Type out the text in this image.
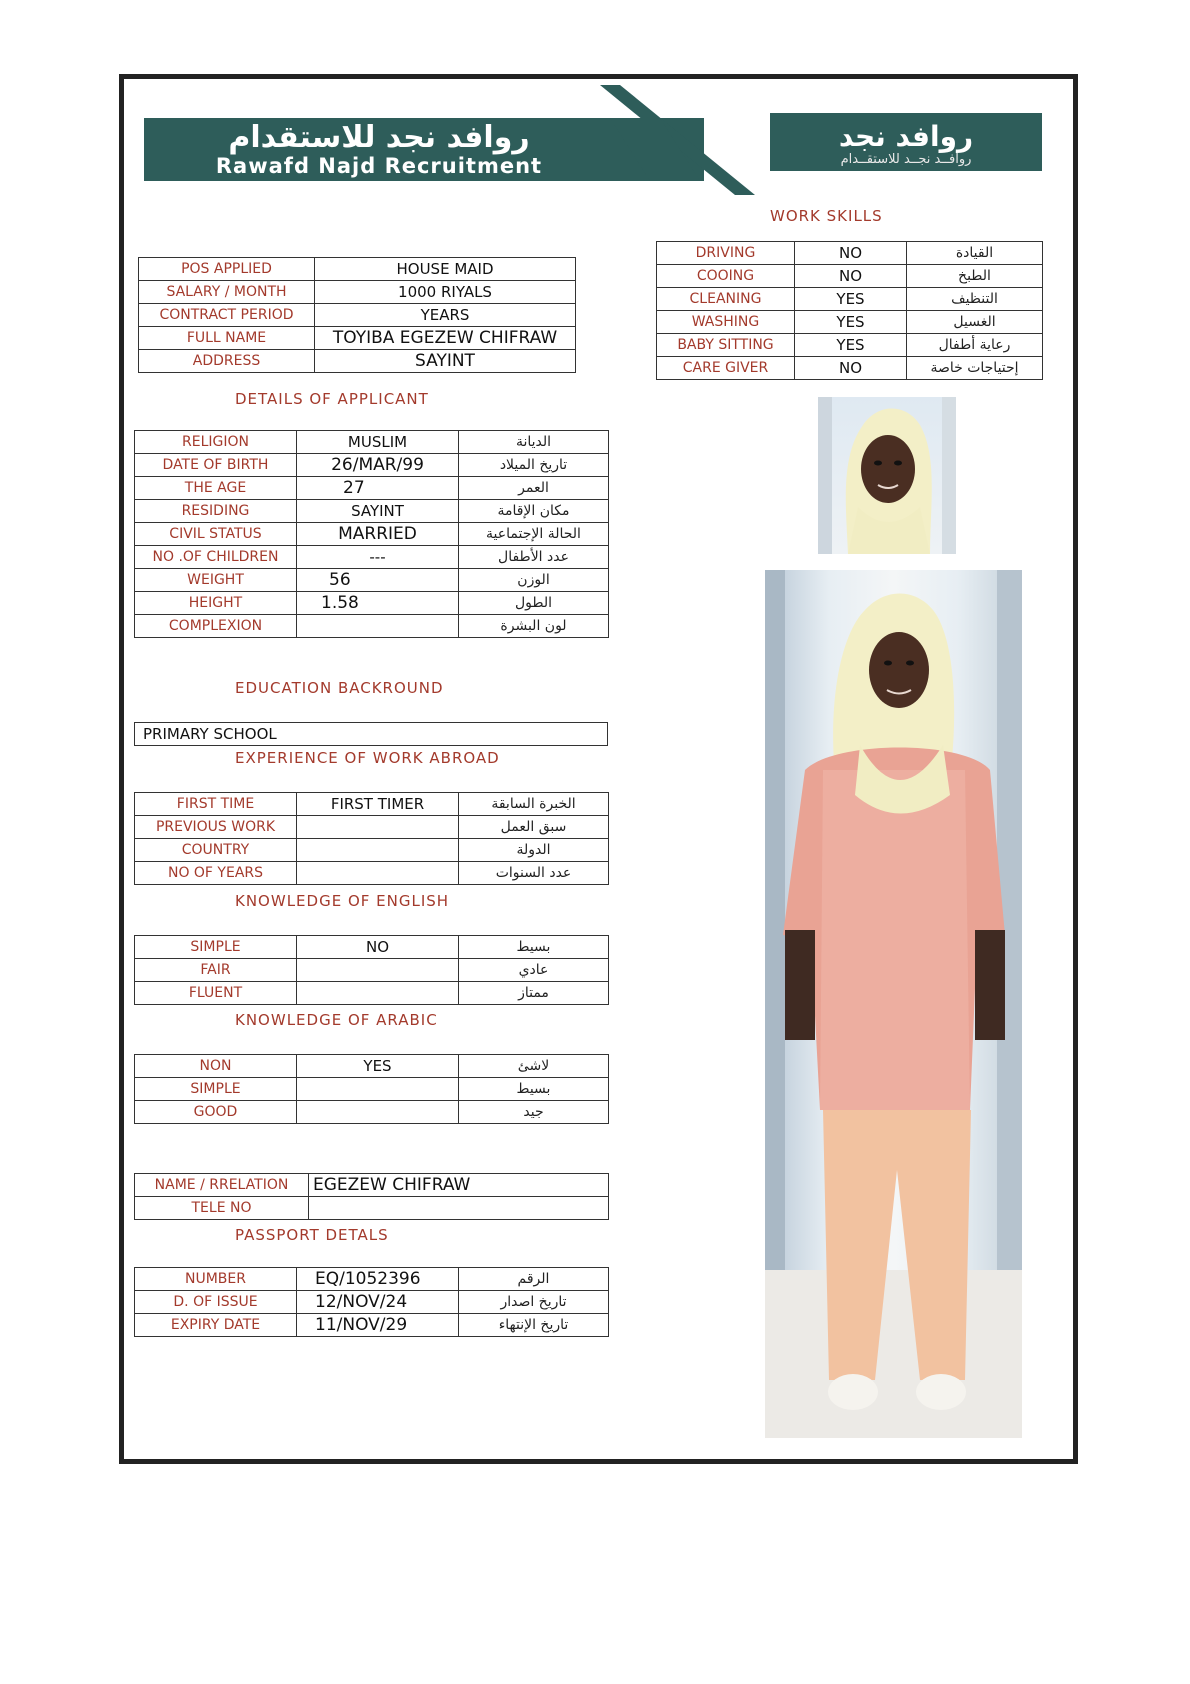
روافد نجد للاستقدام
Rawafd Najd Recruitment
روافد نجد
روافــد نجــد للاستقــدام
WORK SKILLS
DRIVING	NO	القيادة
COOING	NO	الطبخ
CLEANING	YES	التنظيف
WASHING	YES	الغسيل
BABY SITTING	YES	رعاية أطفال
CARE GIVER	NO	إحتياجات خاصة
POS APPLIED	HOUSE MAID
SALARY / MONTH	1000 RIYALS
CONTRACT PERIOD	YEARS
FULL NAME	TOYIBA EGEZEW CHIFRAW
ADDRESS	SAYINT
DETAILS OF APPLICANT
RELIGION	MUSLIM	الديانة
DATE OF BIRTH	26/MAR/99	تاريخ الميلاد
THE AGE	27	العمر
RESIDING	SAYINT	مكان الإقامة
CIVIL STATUS	MARRIED	الحالة الإجتماعية
NO .OF CHILDREN	---	عدد الأطفال
WEIGHT	56	الوزن
HEIGHT	1.58	الطول
COMPLEXION		لون البشرة
EDUCATION BACKROUND
PRIMARY SCHOOL
EXPERIENCE OF WORK ABROAD
FIRST TIME	FIRST TIMER	الخبرة السابقة
PREVIOUS WORK		سبق العمل
COUNTRY		الدولة
NO OF YEARS		عدد السنوات
KNOWLEDGE OF ENGLISH
SIMPLE	NO	بسيط
FAIR		عادي
FLUENT		ممتاز
KNOWLEDGE OF ARABIC
NON	YES	لاشئ
SIMPLE		بسيط
GOOD		جيد
NAME / RRELATION	EGEZEW CHIFRAW
TELE NO	
PASSPORT DETALS
NUMBER	EQ/1052396	الرقم
D. OF ISSUE	12/NOV/24	تاريخ اصدار
EXPIRY DATE	11/NOV/29	تاريخ الإنتهاء
